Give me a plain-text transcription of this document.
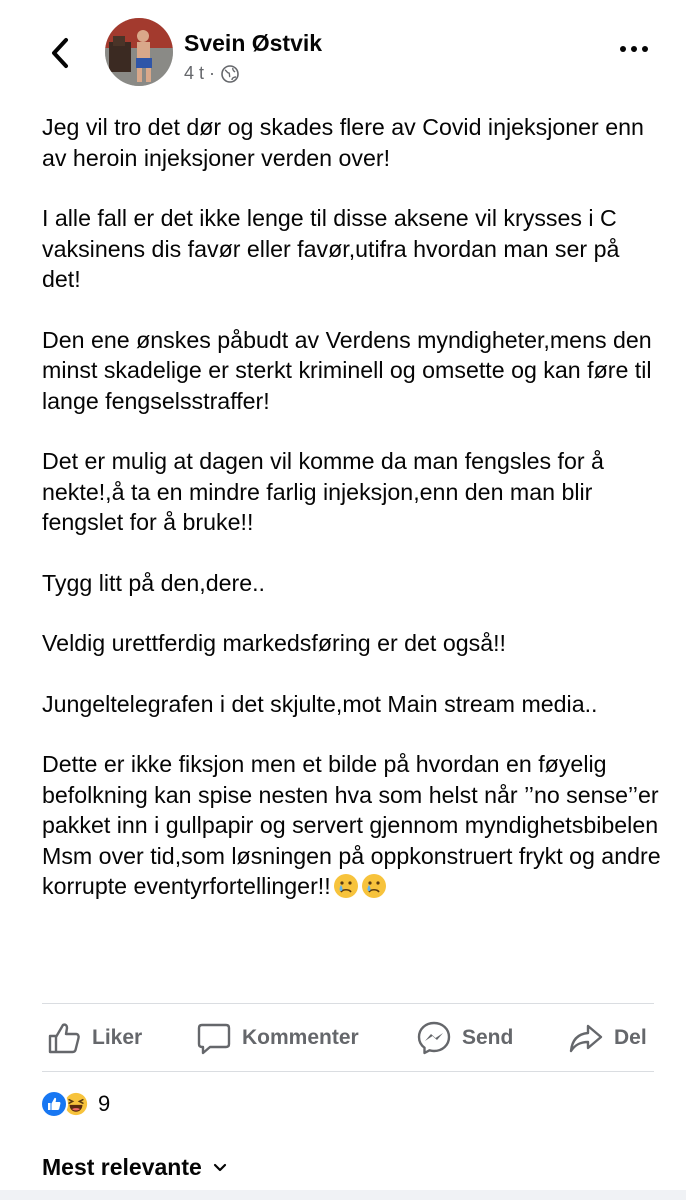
Svein Østvik
4 t ·

Jeg vil tro det dør og skades flere av Covid injeksjoner enn av heroin injeksjoner verden over!

I alle fall er det ikke lenge til disse aksene vil krysses i C vaksinens dis favør eller favør,utifra hvordan man ser på det!

Den ene ønskes påbudt av Verdens myndigheter,mens den minst skadelige er sterkt kriminell og omsette og kan føre til lange fengselsstraffer!

Det er mulig at dagen vil komme da man fengsles for å nekte!,å ta en mindre farlig injeksjon,enn den man blir fengslet for å bruke!!

Tygg litt på den,dere..

Veldig urettferdig markedsføring er det også!!

Jungeltelegrafen i det skjulte,mot Main stream media..

Dette er ikke fiksjon men et bilde på hvordan en føyelig befolkning kan spise nesten hva som helst når ’’no sense’’er pakket inn i gullpapir og servert gjennom myndighetsbibelen Msm over tid,som løsningen på oppkonstruert frykt og andre korrupte eventyrfortellinger!!

Liker	Kommenter	Send	Del
9
Mest relevante
